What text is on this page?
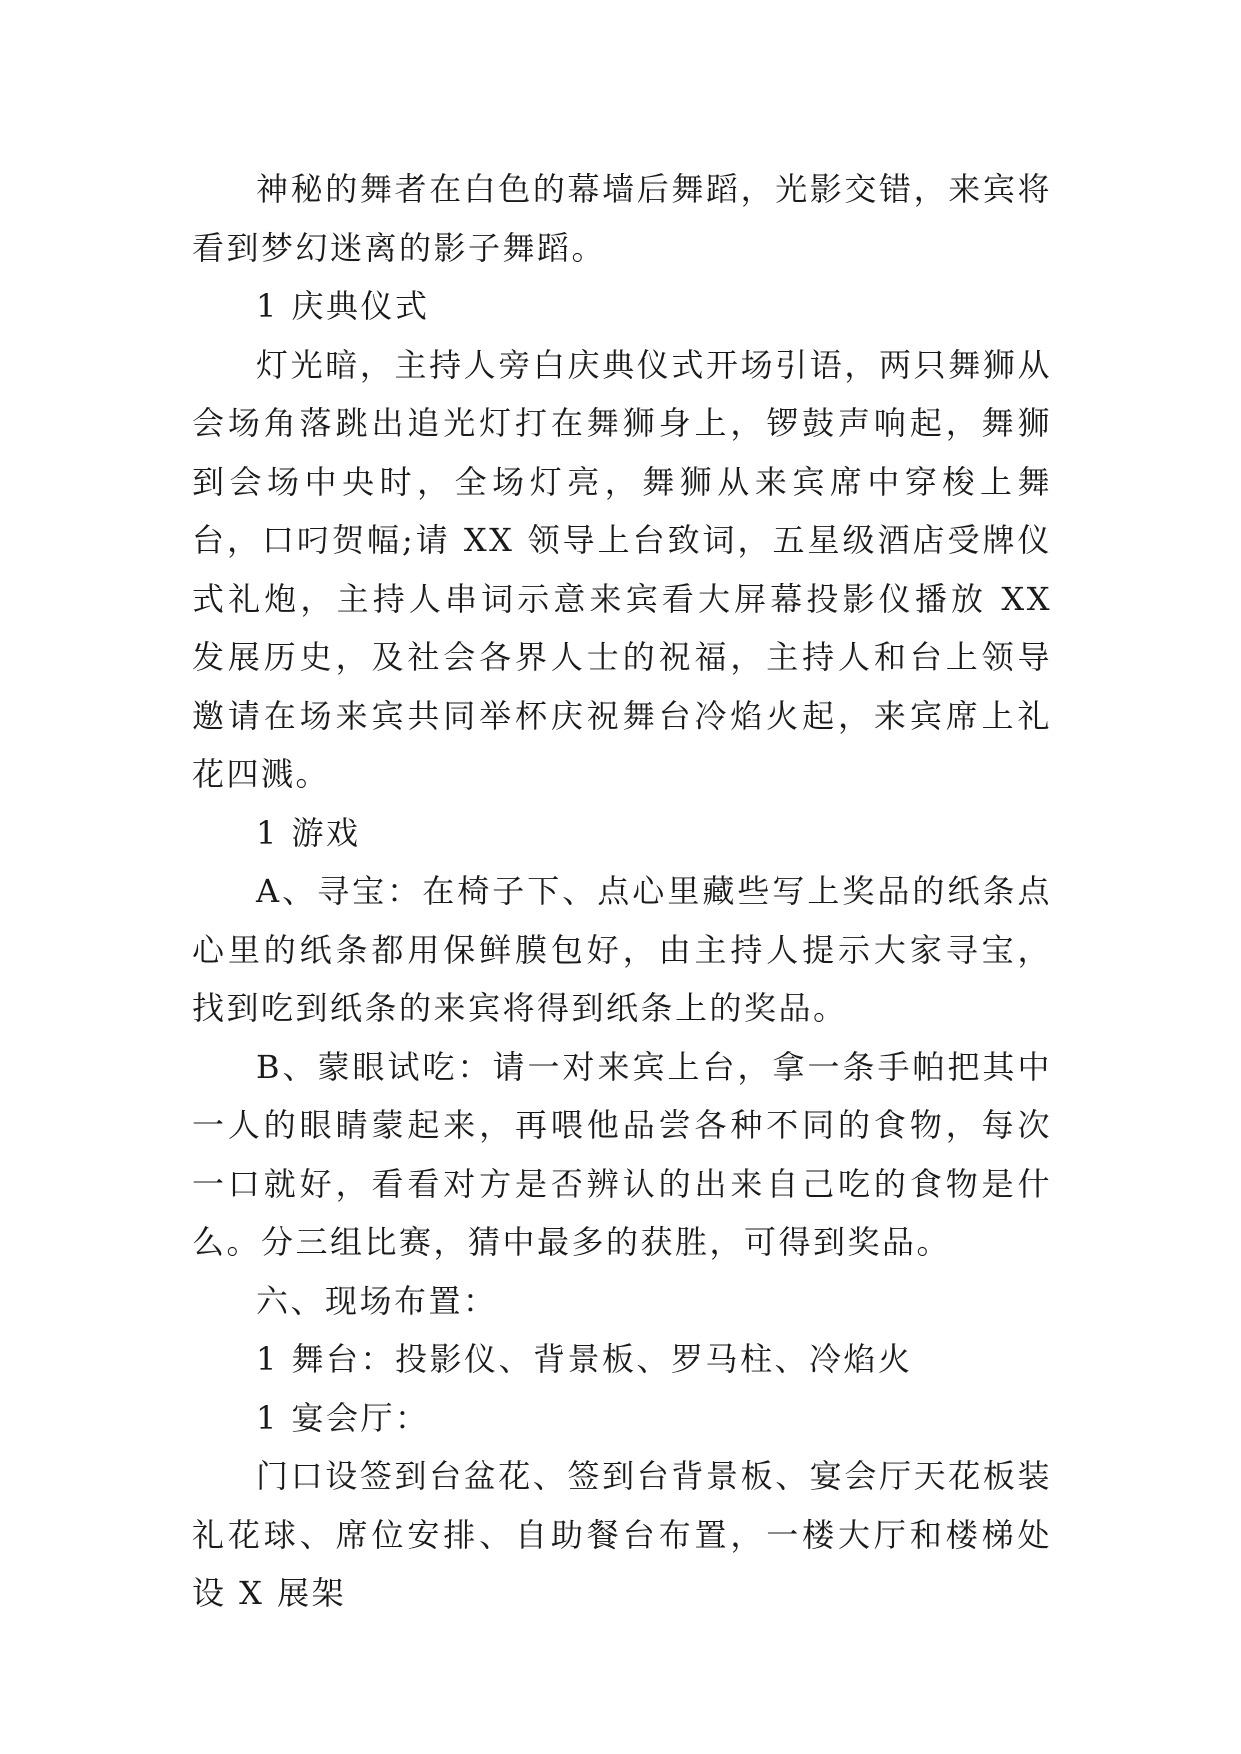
神秘的舞者在白色的幕墙后舞蹈，光影交错，来宾将看到梦幻迷离的影子舞蹈。

1 庆典仪式

灯光暗，主持人旁白庆典仪式开场引语，两只舞狮从会场角落跳出追光灯打在舞狮身上，锣鼓声响起，舞狮到会场中央时，全场灯亮，舞狮从来宾席中穿梭上舞台，口叼贺幅;请 XX 领导上台致词，五星级酒店受牌仪式礼炮，主持人串词示意来宾看大屏幕投影仪播放 XX 发展历史，及社会各界人士的祝福，主持人和台上领导邀请在场来宾共同举杯庆祝舞台冷焰火起，来宾席上礼花四溅。

1 游戏

A、寻宝：在椅子下、点心里藏些写上奖品的纸条点心里的纸条都用保鲜膜包好，由主持人提示大家寻宝，找到吃到纸条的来宾将得到纸条上的奖品。

B、蒙眼试吃：请一对来宾上台，拿一条手帕把其中一人的眼睛蒙起来，再喂他品尝各种不同的食物，每次一口就好，看看对方是否辨认的出来自己吃的食物是什么。分三组比赛，猜中最多的获胜，可得到奖品。

六、现场布置：

1 舞台：投影仪、背景板、罗马柱、冷焰火

1 宴会厅：

门口设签到台盆花、签到台背景板、宴会厅天花板装礼花球、席位安排、自助餐台布置，一楼大厅和楼梯处设 X 展架
